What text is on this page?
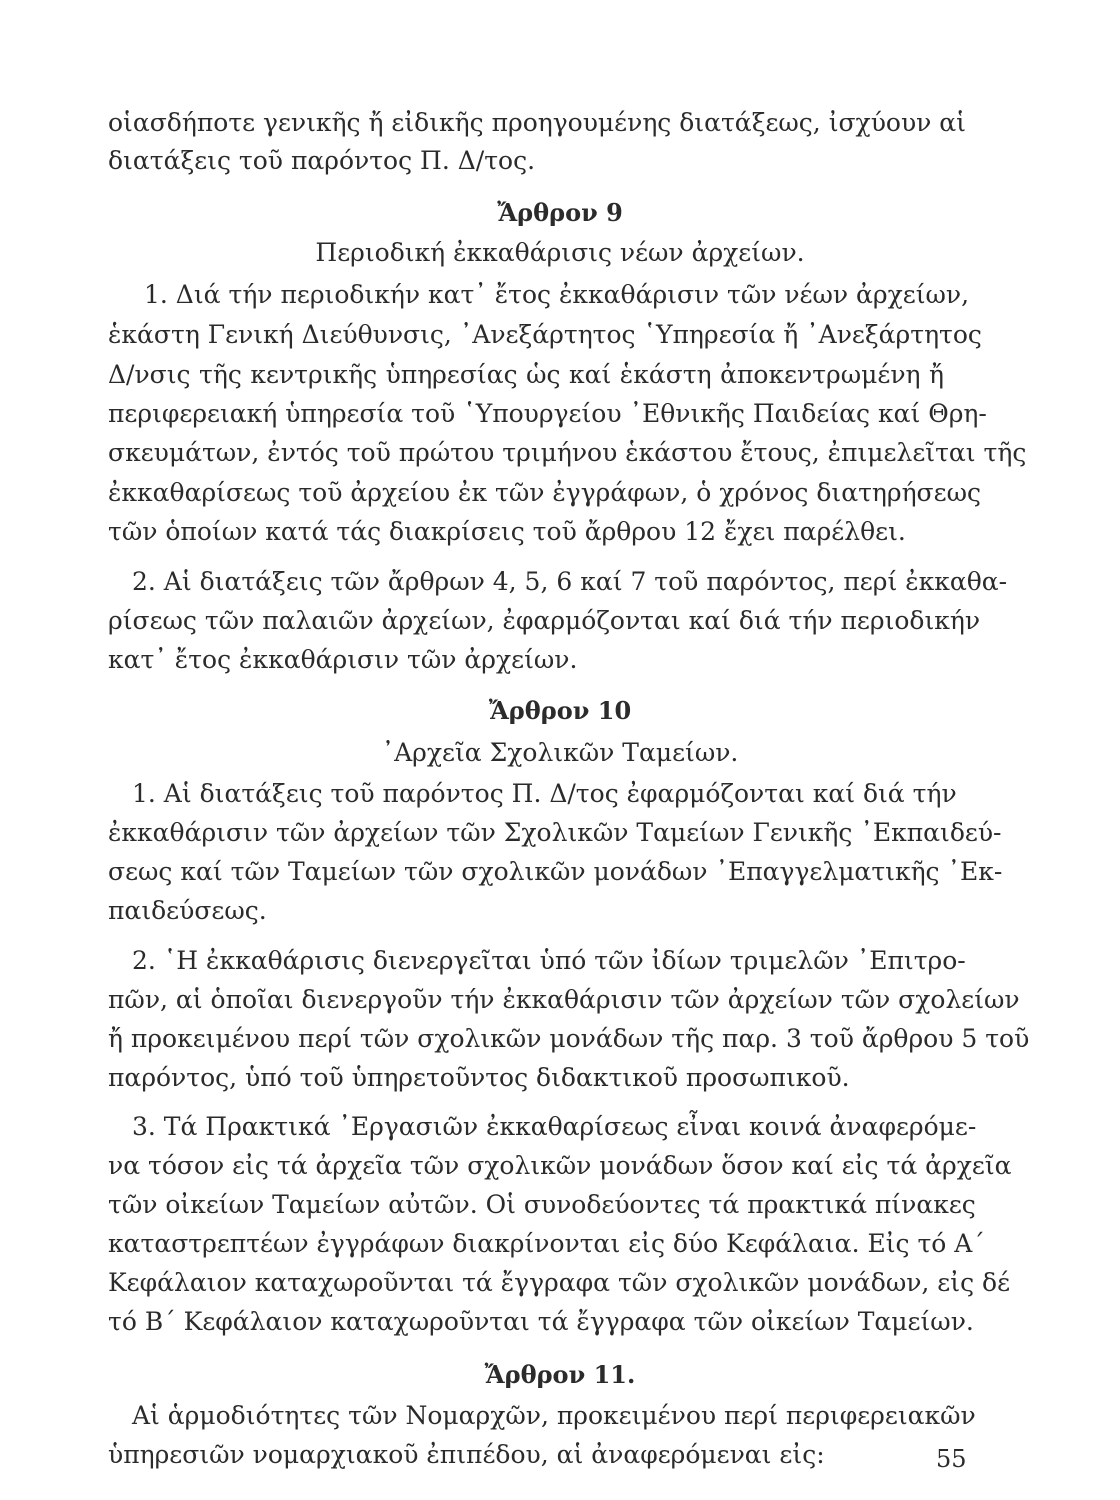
οἱασδήποτε γενικῆς ἤ εἰδικῆς προηγουμένης διατάξεως, ἰσχύουν αἱ
διατάξεις τοῦ παρόντος Π. Δ/τος.
Ἄρθρον 9
Περιοδική ἐκκαθάρισις νέων ἀρχείων.
1. Διά τήν περιοδικήν κατ᾽ ἔτος ἐκκαθάρισιν τῶν νέων ἀρχείων,
ἑκάστη Γενική Διεύθυνσις, ᾽Ανεξάρτητος ῾Υπηρεσία ἤ ᾽Ανεξάρτητος
Δ/νσις τῆς κεντρικῆς ὑπηρεσίας ὡς καί ἑκάστη ἀποκεντρωμένη ἤ
περιφερειακή ὑπηρεσία τοῦ ῾Υπουργείου ᾽Εθνικῆς Παιδείας καί Θρη-
σκευμάτων, ἐντός τοῦ πρώτου τριμήνου ἑκάστου ἔτους, ἐπιμελεῖται τῆς
ἐκκαθαρίσεως τοῦ ἀρχείου ἐκ τῶν ἐγγράφων, ὁ χρόνος διατηρήσεως
τῶν ὁποίων κατά τάς διακρίσεις τοῦ ἄρθρου 12 ἔχει παρέλθει.
2. Αἱ διατάξεις τῶν ἄρθρων 4, 5, 6 καί 7 τοῦ παρόντος, περί ἐκκαθα-
ρίσεως τῶν παλαιῶν ἀρχείων, ἐφαρμόζονται καί διά τήν περιοδικήν
κατ᾽ ἔτος ἐκκαθάρισιν τῶν ἀρχείων.
Ἄρθρον 10
᾽Αρχεῖα Σχολικῶν Ταμείων.
1. Αἱ διατάξεις τοῦ παρόντος Π. Δ/τος ἐφαρμόζονται καί διά τήν
ἐκκαθάρισιν τῶν ἀρχείων τῶν Σχολικῶν Ταμείων Γενικῆς ᾽Εκπαιδεύ-
σεως καί τῶν Ταμείων τῶν σχολικῶν μονάδων ᾽Επαγγελματικῆς ᾽Εκ-
παιδεύσεως.
2. ῾Η ἐκκαθάρισις διενεργεῖται ὑπό τῶν ἰδίων τριμελῶν ᾽Επιτρο-
πῶν, αἱ ὁποῖαι διενεργοῦν τήν ἐκκαθάρισιν τῶν ἀρχείων τῶν σχολείων
ἤ προκειμένου περί τῶν σχολικῶν μονάδων τῆς παρ. 3 τοῦ ἄρθρου 5 τοῦ
παρόντος, ὑπό τοῦ ὑπηρετοῦντος διδακτικοῦ προσωπικοῦ.
3. Τά Πρακτικά ᾽Εργασιῶν ἐκκαθαρίσεως εἶναι κοινά ἀναφερόμε-
να τόσον εἰς τά ἀρχεῖα τῶν σχολικῶν μονάδων ὅσον καί εἰς τά ἀρχεῖα
τῶν οἰκείων Ταμείων αὐτῶν. Οἱ συνοδεύοντες τά πρακτικά πίνακες
καταστρεπτέων ἐγγράφων διακρίνονται εἰς δύο Κεφάλαια. Εἰς τό Α΄
Κεφάλαιον καταχωροῦνται τά ἔγγραφα τῶν σχολικῶν μονάδων, εἰς δέ
τό Β΄ Κεφάλαιον καταχωροῦνται τά ἔγγραφα τῶν οἰκείων Ταμείων.
Ἄρθρον 11.
Αἱ ἁρμοδιότητες τῶν Νομαρχῶν, προκειμένου περί περιφερειακῶν
ὑπηρεσιῶν νομαρχιακοῦ ἐπιπέδου, αἱ ἀναφερόμεναι εἰς:	55
